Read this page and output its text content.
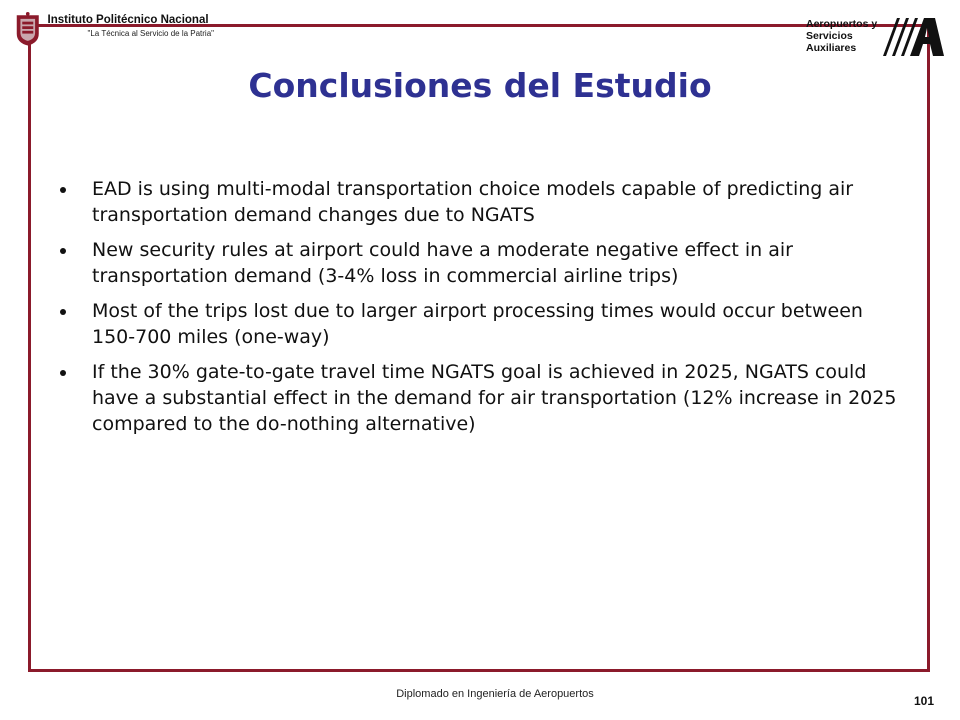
Instituto Politécnico Nacional
"La Técnica al Servicio de la Patria"
Aeropuertos y
Servicios
Auxiliares
Conclusiones del Estudio
EAD is using multi-modal transportation choice models capable of predicting air transportation demand changes due to NGATS
New security rules at airport could have a moderate negative effect in air transportation demand (3-4% loss in commercial airline trips)
Most of the trips lost due to larger airport processing times would occur between 150-700 miles (one-way)
If the 30% gate-to-gate travel time NGATS goal is achieved in 2025, NGATS could have a substantial effect in the demand for air transportation (12% increase in 2025 compared to the do-nothing alternative)
Diplomado en Ingeniería de Aeropuertos	101
